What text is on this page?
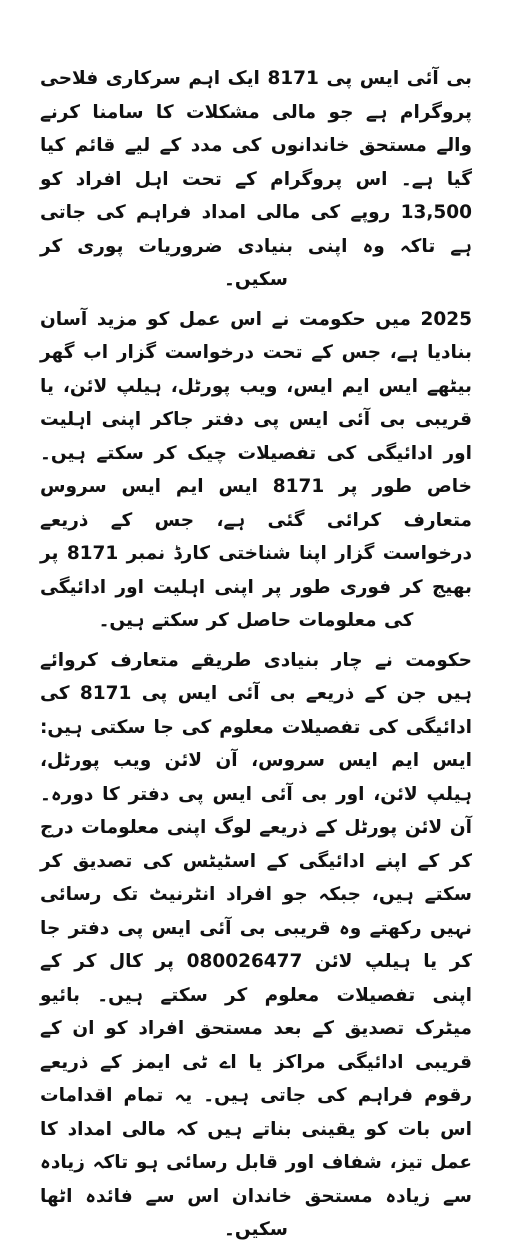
بی آئی ایس پی 8171 ایک اہم سرکاری فلاحی پروگرام ہے جو مالی مشکلات کا سامنا کرنے والے مستحق خاندانوں کی مدد کے لیے قائم کیا گیا ہے۔ اس پروگرام کے تحت اہل افراد کو 13,500 روپے کی مالی امداد فراہم کی جاتی ہے تاکہ وہ اپنی بنیادی ضروریات پوری کر سکیں۔

2025 میں حکومت نے اس عمل کو مزید آسان بنادیا ہے، جس کے تحت درخواست گزار اب گھر بیٹھے ایس ایم ایس، ویب پورٹل، ہیلپ لائن، یا قریبی بی آئی ایس پی دفتر جاکر اپنی اہلیت اور ادائیگی کی تفصیلات چیک کر سکتے ہیں۔ خاص طور پر 8171 ایس ایم ایس سروس متعارف کرائی گئی ہے، جس کے ذریعے درخواست گزار اپنا شناختی کارڈ نمبر 8171 پر بھیج کر فوری طور پر اپنی اہلیت اور ادائیگی کی معلومات حاصل کر سکتے ہیں۔

حکومت نے چار بنیادی طریقے متعارف کروائے ہیں جن کے ذریعے بی آئی ایس پی 8171 کی ادائیگی کی تفصیلات معلوم کی جا سکتی ہیں: ایس ایم ایس سروس، آن لائن ویب پورٹل، ہیلپ لائن، اور بی آئی ایس پی دفتر کا دورہ۔ آن لائن پورٹل کے ذریعے لوگ اپنی معلومات درج کر کے اپنے ادائیگی کے اسٹیٹس کی تصدیق کر سکتے ہیں، جبکہ جو افراد انٹرنیٹ تک رسائی نہیں رکھتے وہ قریبی بی آئی ایس پی دفتر جا کر یا ہیلپ لائن 080026477 پر کال کر کے اپنی تفصیلات معلوم کر سکتے ہیں۔ بائیو میٹرک تصدیق کے بعد مستحق افراد کو ان کے قریبی ادائیگی مراکز یا اے ٹی ایمز کے ذریعے رقوم فراہم کی جاتی ہیں۔ یہ تمام اقدامات اس بات کو یقینی بناتے ہیں کہ مالی امداد کا عمل تیز، شفاف اور قابل رسائی ہو تاکہ زیادہ سے زیادہ مستحق خاندان اس سے فائدہ اٹھا سکیں۔
